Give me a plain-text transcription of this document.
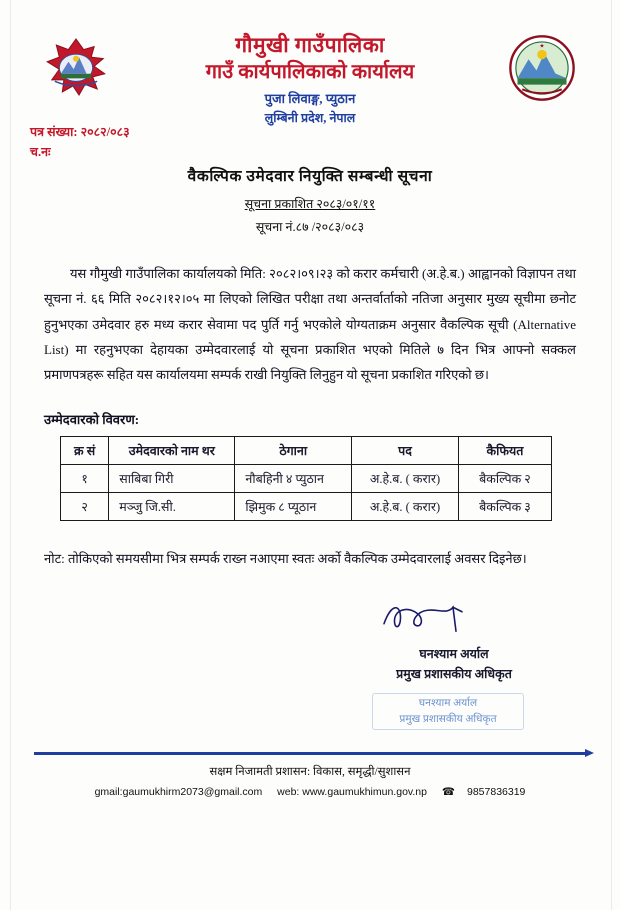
★
गौमुखी गाउँपालिका
गाउँ कार्यपालिकाको कार्यालय
पुजा लिवाङ्ग, प्युठान
लुम्बिनी प्रदेश, नेपाल
पत्र संख्या: २०८२/०८३
च.नः
वैकल्पिक उमेदवार नियुक्ति सम्बन्धी सूचना
सूचना प्रकाशित २०८३/०१/११
सूचना नं.८७ /२०८३/०८३
यस गौमुखी गाउँपालिका कार्यालयको मिति: २०८२।०९।२३ को करार कर्मचारी (अ.हे.ब.) आह्वानको विज्ञापन तथा सूचना नं. ६६ मिति २०८२।१२।०५ मा लिएको लिखित परीक्षा तथा अन्तर्वार्ताको नतिजा अनुसार मुख्य सूचीमा छनोट हुनुभएका उमेदवार हरु मध्य करार सेवामा पद पुर्ति गर्नु भएकोले योग्यताक्रम अनुसार वैकल्पिक सूची (Alternative List) मा रहनुभएका देहायका उम्मेदवारलाई यो सूचना प्रकाशित भएको मितिले ७ दिन भित्र आफ्नो सक्कल प्रमाणपत्रहरू सहित यस कार्यालयमा सम्पर्क राखी नियुक्ति लिनुहुन यो सूचना प्रकाशित गरिएको छ।
उम्मेदवारको विवरण:
क्र सं	उमेदवारको नाम थर	ठेगाना	पद	कैफियत
१	साबिबा गिरी	नौबहिनी ४ प्युठान	अ.हे.ब. ( करार)	बैकल्पिक २
२	मञ्जु जि.सी.	झिमुक ८ प्यूठान	अ.हे.ब. ( करार)	बैकल्पिक ३
नोट: तोकिएको समयसीमा भित्र सम्पर्क राख्न नआएमा स्वतः अर्को वैकल्पिक उम्मेदवारलाई अवसर दिइनेछ।
घनश्याम अर्याल
प्रमुख प्रशासकीय अधिकृत
घनश्याम अर्याल
प्रमुख प्रशासकीय अधिकृत
सक्षम निजामती प्रशासन: विकास, समृद्धी/सुशासन
gmail:gaumukhirm2073@gmail.com web: www.gaumukhimun.gov.np ☎ 9857836319
